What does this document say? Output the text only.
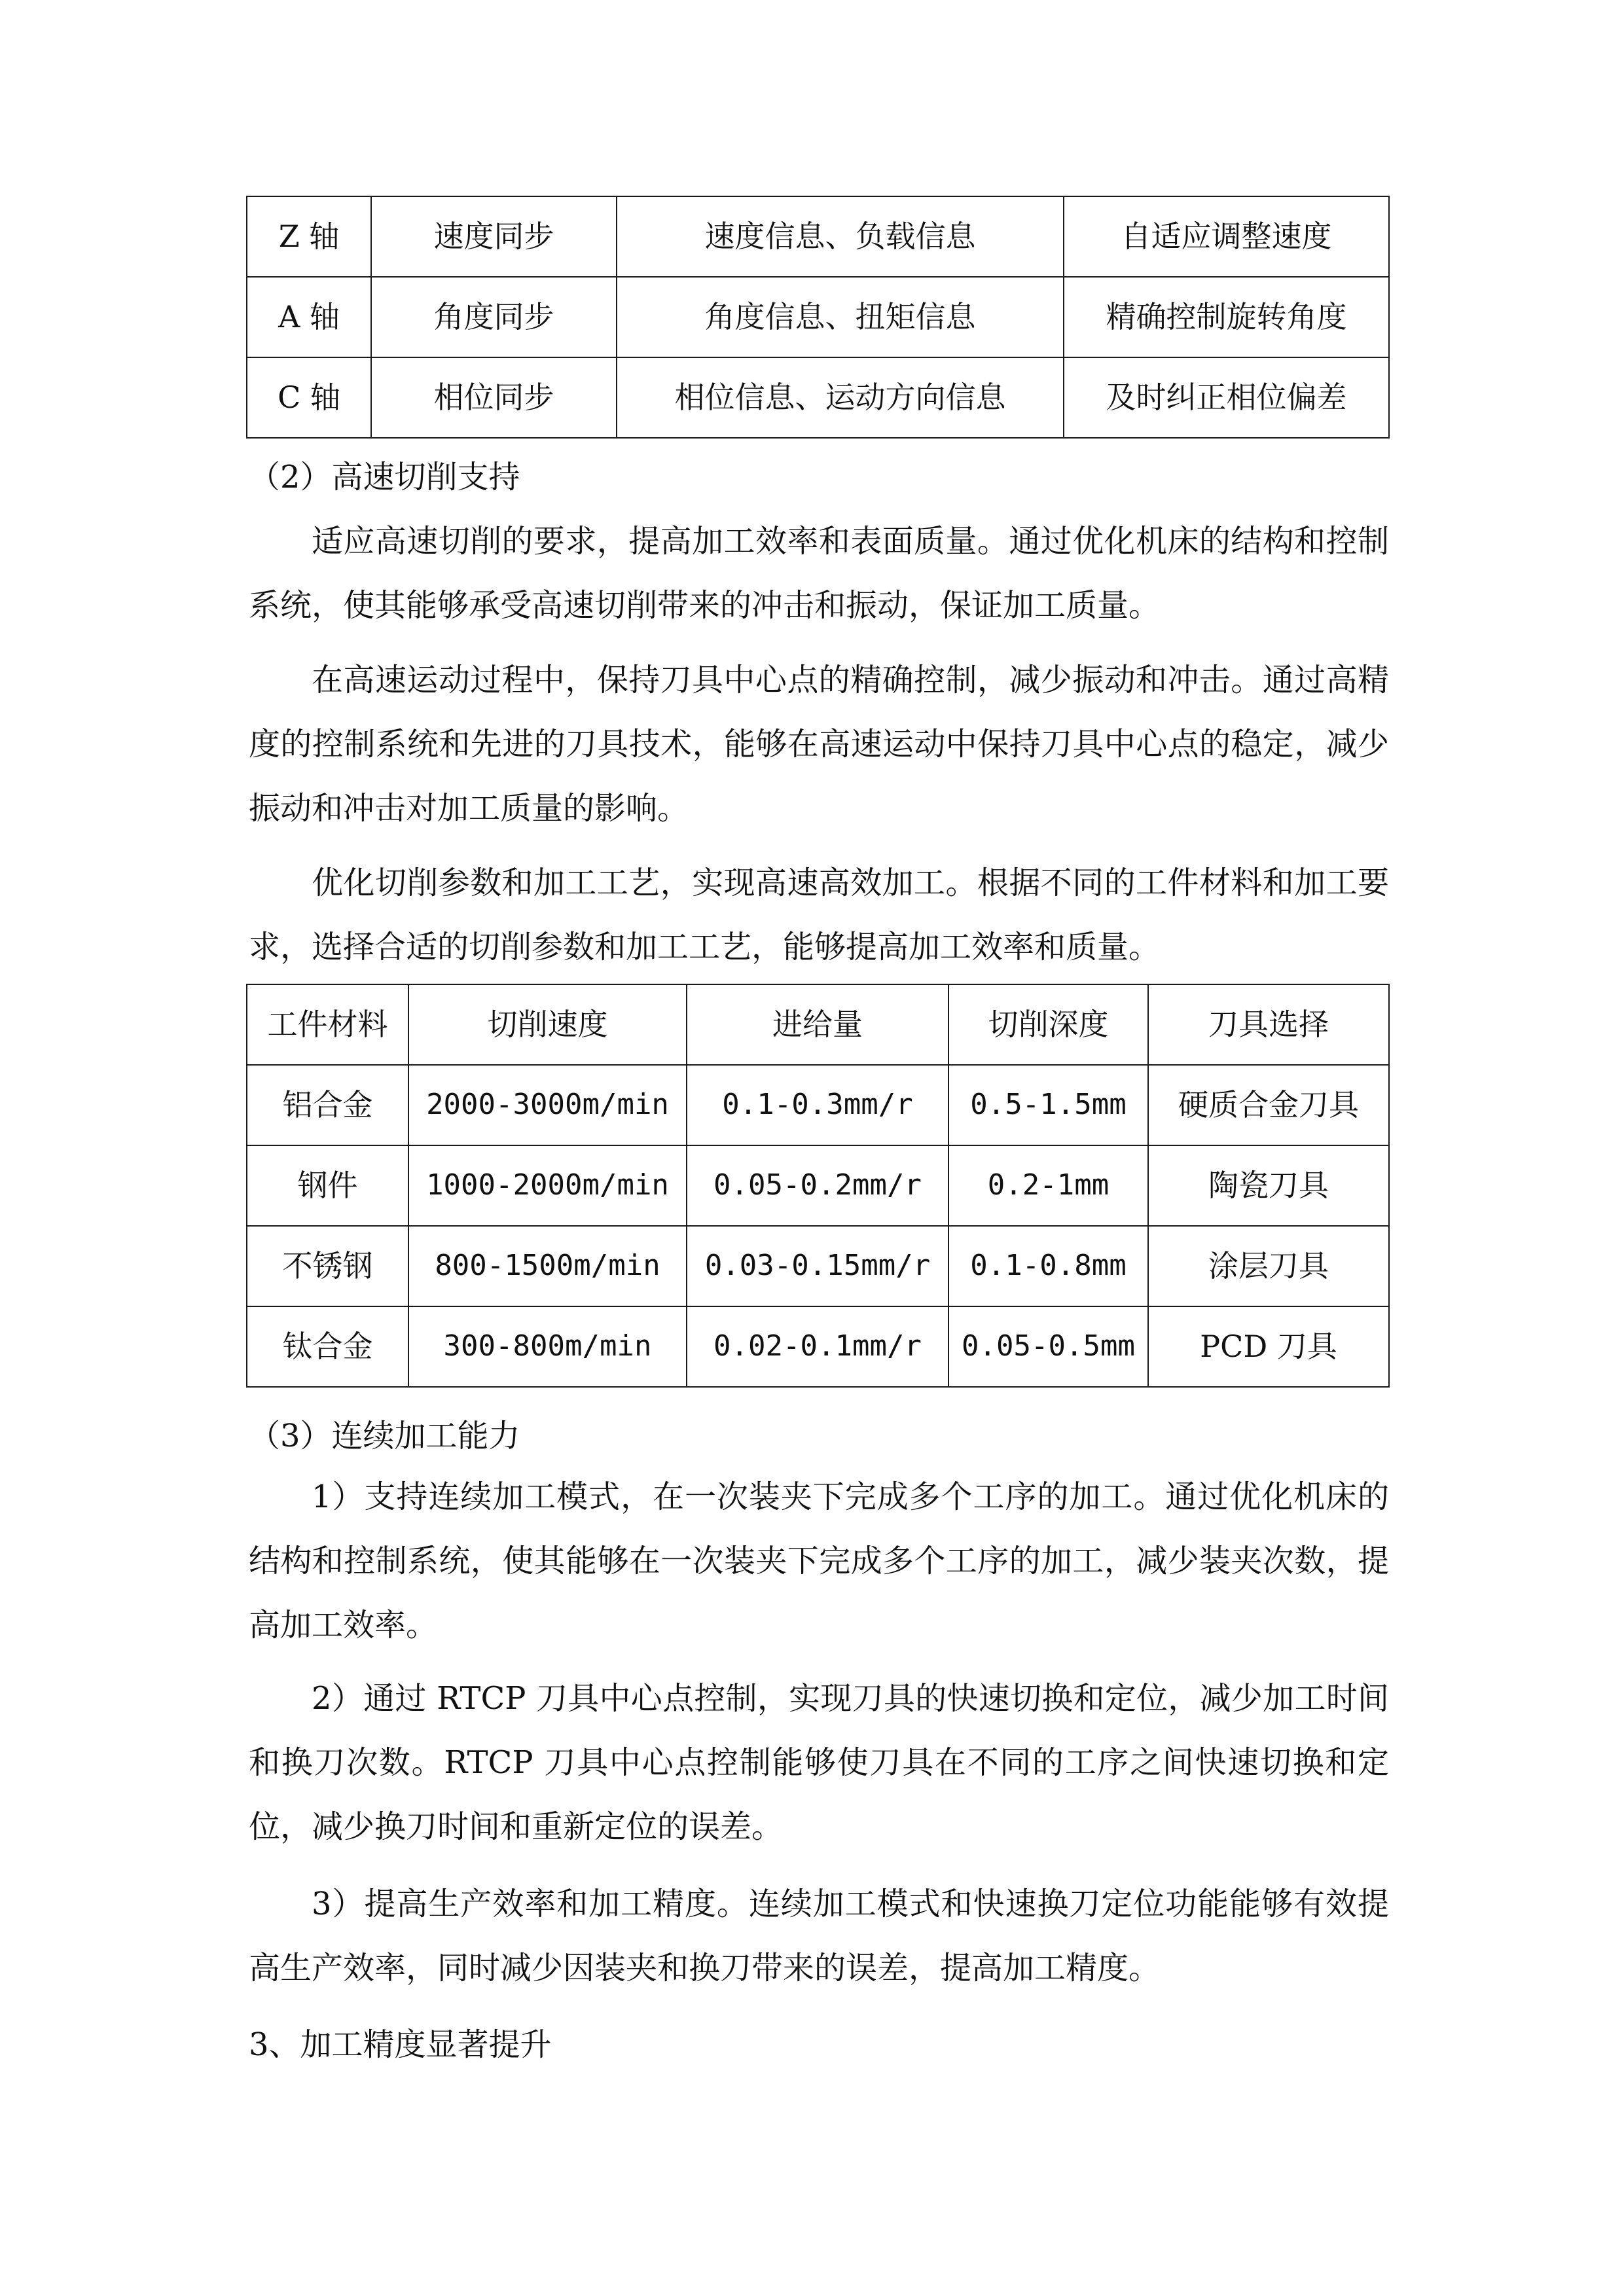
Z 轴	速度同步	速度信息、负载信息	自适应调整速度
A 轴	角度同步	角度信息、扭矩信息	精确控制旋转角度
C 轴	相位同步	相位信息、运动方向信息	及时纠正相位偏差

（2）高速切削支持

适应高速切削的要求，提高加工效率和表面质量。通过优化机床的结构和控制系统，使其能够承受高速切削带来的冲击和振动，保证加工质量。

在高速运动过程中，保持刀具中心点的精确控制，减少振动和冲击。通过高精度的控制系统和先进的刀具技术，能够在高速运动中保持刀具中心点的稳定，减少振动和冲击对加工质量的影响。

优化切削参数和加工工艺，实现高速高效加工。根据不同的工件材料和加工要求，选择合适的切削参数和加工工艺，能够提高加工效率和质量。

工件材料	切削速度	进给量	切削深度	刀具选择
铝合金	2000-3000m/min	0.1-0.3mm/r	0.5-1.5mm	硬质合金刀具
钢件	1000-2000m/min	0.05-0.2mm/r	0.2-1mm	陶瓷刀具
不锈钢	800-1500m/min	0.03-0.15mm/r	0.1-0.8mm	涂层刀具
钛合金	300-800m/min	0.02-0.1mm/r	0.05-0.5mm	PCD 刀具

（3）连续加工能力

1）支持连续加工模式，在一次装夹下完成多个工序的加工。通过优化机床的结构和控制系统，使其能够在一次装夹下完成多个工序的加工，减少装夹次数，提高加工效率。

2）通过 RTCP 刀具中心点控制，实现刀具的快速切换和定位，减少加工时间和换刀次数。RTCP 刀具中心点控制能够使刀具在不同的工序之间快速切换和定位，减少换刀时间和重新定位的误差。

3）提高生产效率和加工精度。连续加工模式和快速换刀定位功能能够有效提高生产效率，同时减少因装夹和换刀带来的误差，提高加工精度。

3、加工精度显著提升
